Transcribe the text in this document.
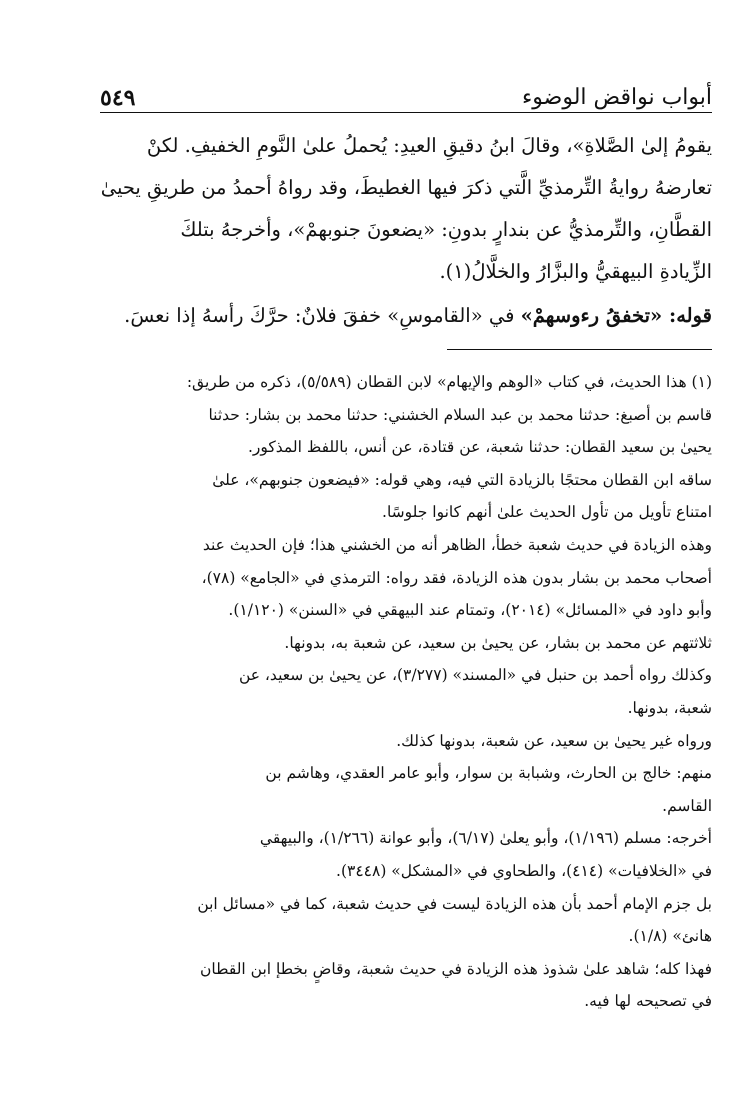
أبواب نواقض الوضوء
٥٤٩

يقومُ إلىٰ الصَّلاةِ»، وقالَ ابنُ دقيقِ العيدِ: يُحملُ علىٰ النَّومِ الخفيفِ. لكنْ

تعارضهُ روايةُ التِّرمذيِّ الَّتي ذكرَ فيها الغطيطَ، وقد رواهُ أحمدُ من طريقِ يحيىٰ

القطَّانِ، والتِّرمذيُّ عن بندارٍ بدونِ: «يضعونَ جنوبهمْ»، وأخرجهُ بتلكَ

الزِّيادةِ البيهقيُّ والبزَّارُ والخلَّالُ(١).

قوله: «تخفقُ رءوسهمْ» في «القاموسِ» خفقَ فلانٌ: حرَّكَ رأسهُ إذا نعسَ.

(١) هذا الحديث، في كتاب «الوهم والإيهام» لابن القطان (٥/٥٨٩)، ذكره من طريق:

قاسم بن أصبغ: حدثنا محمد بن عبد السلام الخشني: حدثنا محمد بن بشار: حدثنا

يحيىٰ بن سعيد القطان: حدثنا شعبة، عن قتادة، عن أنس، باللفظ المذكور.

ساقه ابن القطان محتجًا بالزيادة التي فيه، وهي قوله: «فيضعون جنوبهم»، علىٰ

امتناع تأويل من تأول الحديث علىٰ أنهم كانوا جلوسًا.

وهذه الزيادة في حديث شعبة خطأ، الظاهر أنه من الخشني هذا؛ فإن الحديث عند

أصحاب محمد بن بشار بدون هذه الزيادة، فقد رواه: الترمذي في «الجامع» (٧٨)،

وأبو داود في «المسائل» (٢٠١٤)، وتمتام عند البيهقي في «السنن» (١/١٢٠).

ثلاثتهم عن محمد بن بشار، عن يحيىٰ بن سعيد، عن شعبة به، بدونها.

وكذلك رواه أحمد بن حنبل في «المسند» (٣/٢٧٧)، عن يحيىٰ بن سعيد، عن

شعبة، بدونها.

ورواه غير يحيىٰ بن سعيد، عن شعبة، بدونها كذلك.

منهم: خالج بن الحارث، وشبابة بن سوار، وأبو عامر العقدي، وهاشم بن

القاسم.

أخرجه: مسلم (١/١٩٦)، وأبو يعلىٰ (٦/١٧)، وأبو عوانة (١/٢٦٦)، والبيهقي

في «الخلافيات» (٤١٤)، والطحاوي في «المشكل» (٣٤٤٨).

بل جزم الإمام أحمد بأن هذه الزيادة ليست في حديث شعبة، كما في «مسائل ابن

هانئ» (١/٨).

فهذا كله؛ شاهد علىٰ شذوذ هذه الزيادة في حديث شعبة، وقاضٍ بخطإ ابن القطان

في تصحيحه لها فيه.
